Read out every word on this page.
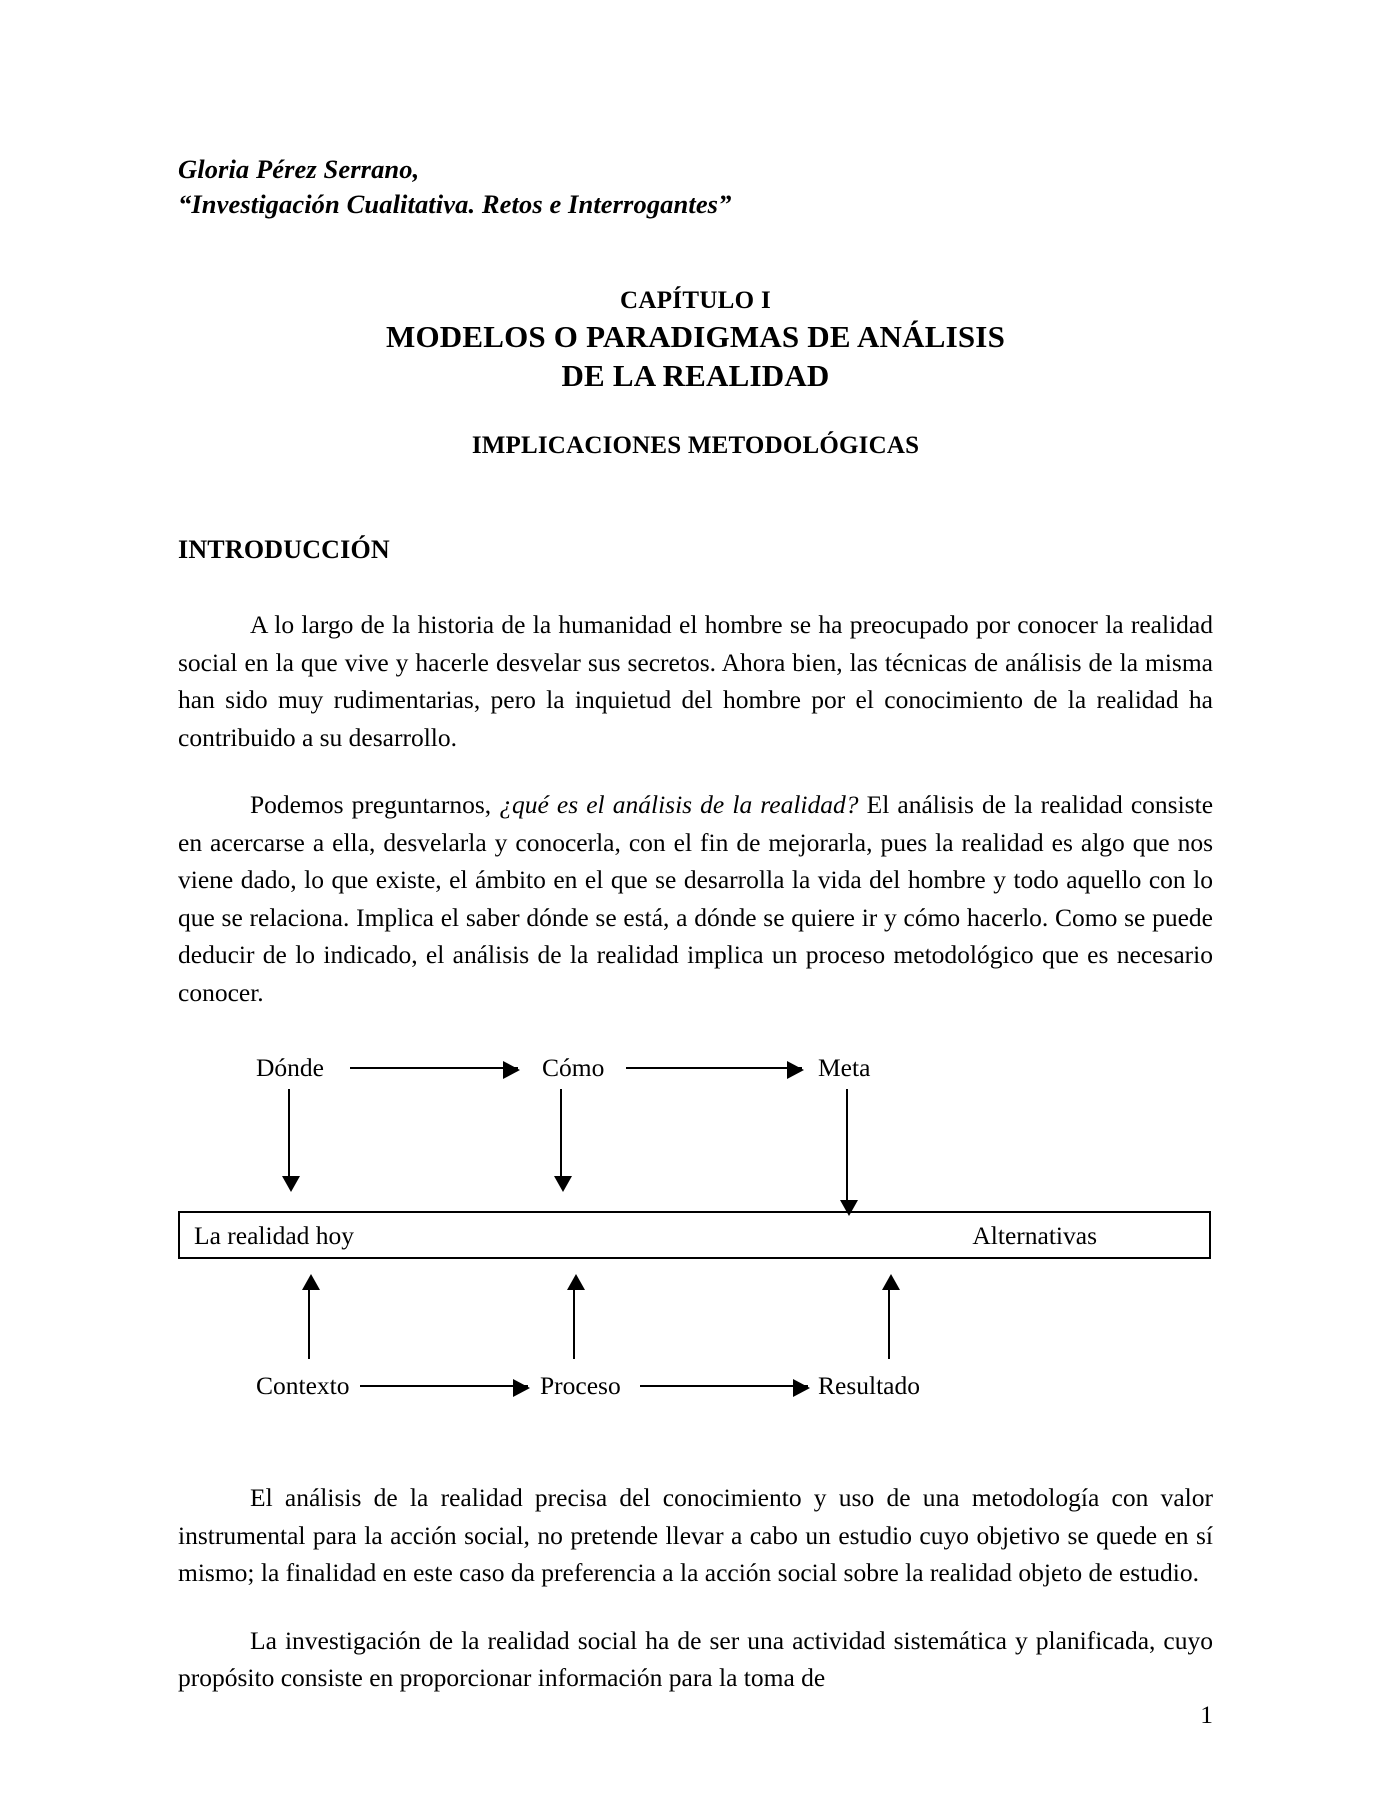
Gloria Pérez Serrano,
“Investigación Cualitativa. Retos e Interrogantes”
CAPÍTULO I
MODELOS O PARADIGMAS DE ANÁLISIS
DE LA REALIDAD
IMPLICACIONES METODOLÓGICAS
INTRODUCCIÓN

A lo largo de la historia de la humanidad el hombre se ha preocupado por conocer la realidad social en la que vive y hacerle desvelar sus secretos. Ahora bien, las técnicas de análisis de la misma han sido muy rudimentarias, pero la inquietud del hombre por el conocimiento de la realidad ha contribuido a su desarrollo.

Podemos preguntarnos, ¿qué es el análisis de la realidad? El análisis de la realidad consiste en acercarse a ella, desvelarla y conocerla, con el fin de mejorarla, pues la realidad es algo que nos viene dado, lo que existe, el ámbito en el que se desarrolla la vida del hombre y todo aquello con lo que se relaciona. Implica el saber dónde se está, a dónde se quiere ir y cómo hacerlo. Como se puede deducir de lo indicado, el análisis de la realidad implica un proceso metodológico que es necesario conocer.

Dónde	Cómo	Meta
La realidad hoy	Alternativas
Contexto	Proceso	Resultado

El análisis de la realidad precisa del conocimiento y uso de una metodología con valor instrumental para la acción social, no pretende llevar a cabo un estudio cuyo objetivo se quede en sí mismo; la finalidad en este caso da preferencia a la acción social sobre la realidad objeto de estudio.

La investigación de la realidad social ha de ser una actividad sistemática y planificada, cuyo propósito consiste en proporcionar información para la toma de

1
